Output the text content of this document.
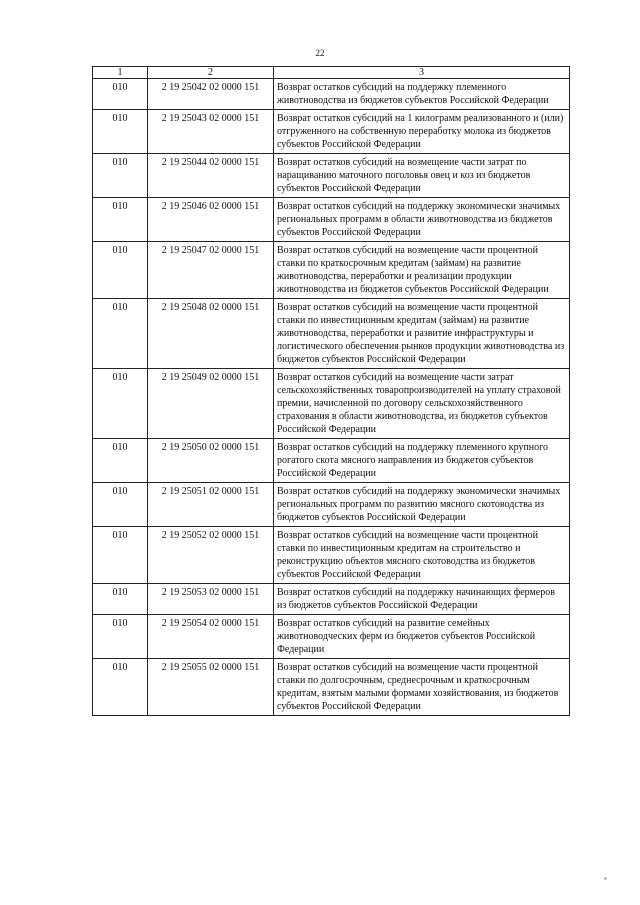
22
1	2	3
010	2 19 25042 02 0000 151	Возврат остатков субсидий на поддержку племенного животноводства из бюджетов субъектов Российской Федерации
010	2 19 25043 02 0000 151	Возврат остатков субсидий на 1 килограмм реализованного и (или) отгруженного на собственную переработку молока из бюджетов субъектов Российской Федерации
010	2 19 25044 02 0000 151	Возврат остатков субсидий на возмещение части затрат по наращиванию маточного поголовья овец и коз из бюджетов субъектов Российской Федерации
010	2 19 25046 02 0000 151	Возврат остатков субсидий на поддержку экономически значимых региональных программ в области животноводства из бюджетов субъектов Российской Федерации
010	2 19 25047 02 0000 151	Возврат остатков субсидий на возмещение части процентной ставки по краткосрочным кредитам (займам) на развитие животноводства, переработки и реализации продукции животноводства из бюджетов субъектов Российской Федерации
010	2 19 25048 02 0000 151	Возврат остатков субсидий на возмещение части процентной ставки по инвестиционным кредитам (займам) на развитие животноводства, переработки и развитие инфраструктуры и логистического обеспечения рынков продукции животноводства из бюджетов субъектов Российской Федерации
010	2 19 25049 02 0000 151	Возврат остатков субсидий на возмещение части затрат сельскохозяйственных товаропроизводителей на уплату страховой премии, начисленной по договору сельскохозяйственного страхования в области животноводства, из бюджетов субъектов Российской Федерации
010	2 19 25050 02 0000 151	Возврат остатков субсидий на поддержку племенного крупного рогатого скота мясного направления из бюджетов субъектов Российской Федерации
010	2 19 25051 02 0000 151	Возврат остатков субсидий на поддержку экономически значимых региональных программ по развитию мясного скотоводства из бюджетов субъектов Российской Федерации
010	2 19 25052 02 0000 151	Возврат остатков субсидий на возмещение части процентной ставки по инвестиционным кредитам на строительство и реконструкцию объектов мясного скотоводства из бюджетов субъектов Российской Федерации
010	2 19 25053 02 0000 151	Возврат остатков субсидий на поддержку начинающих фермеров из бюджетов субъектов Российской Федерации
010	2 19 25054 02 0000 151	Возврат остатков субсидий на развитие семейных животноводческих ферм из бюджетов субъектов Российской Федерации
010	2 19 25055 02 0000 151	Возврат остатков субсидий на возмещение части процентной ставки по долгосрочным, среднесрочным и краткосрочным кредитам, взятым малыми формами хозяйствования, из бюджетов субъектов Российской Федерации
▪
